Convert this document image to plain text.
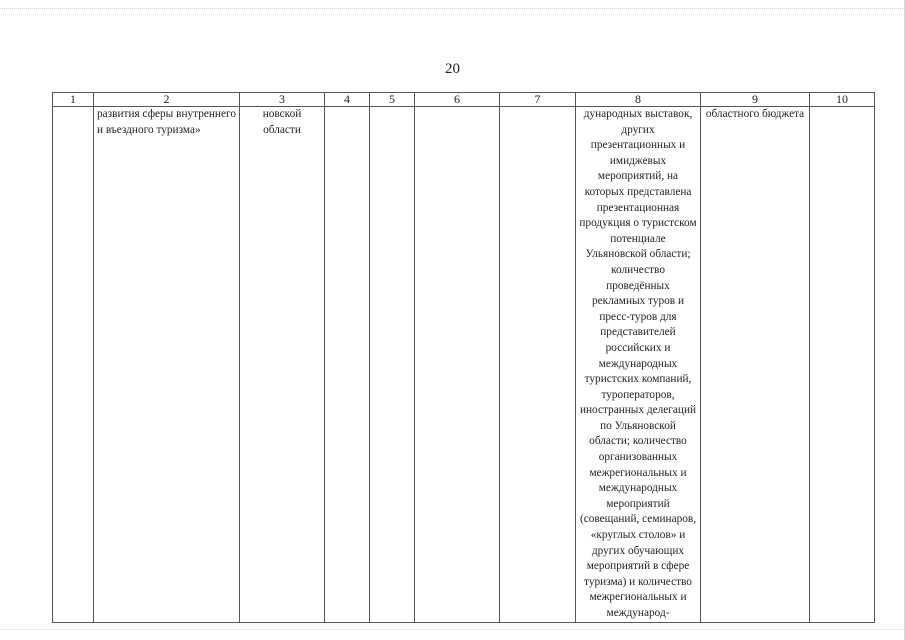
20
1	2	3	4	5	6	7	8	9	10
	развития сферы внутреннего и въездного туризма»	новской области					дународных выставок, других презентационных и имиджевых мероприятий, на которых представлена презентационная продукция о туристском потенциале Ульяновской области; количество проведённых рекламных туров и пресс-туров для представителей российских и международных туристских компаний, туроператоров, иностранных делегаций по Ульяновской области; количество организованных межрегиональных и международных мероприятий (совещаний, семинаров, «круглых столов» и других обучающих мероприятий в сфере туризма) и количество межрегиональных и международ-	областного бюджета	
